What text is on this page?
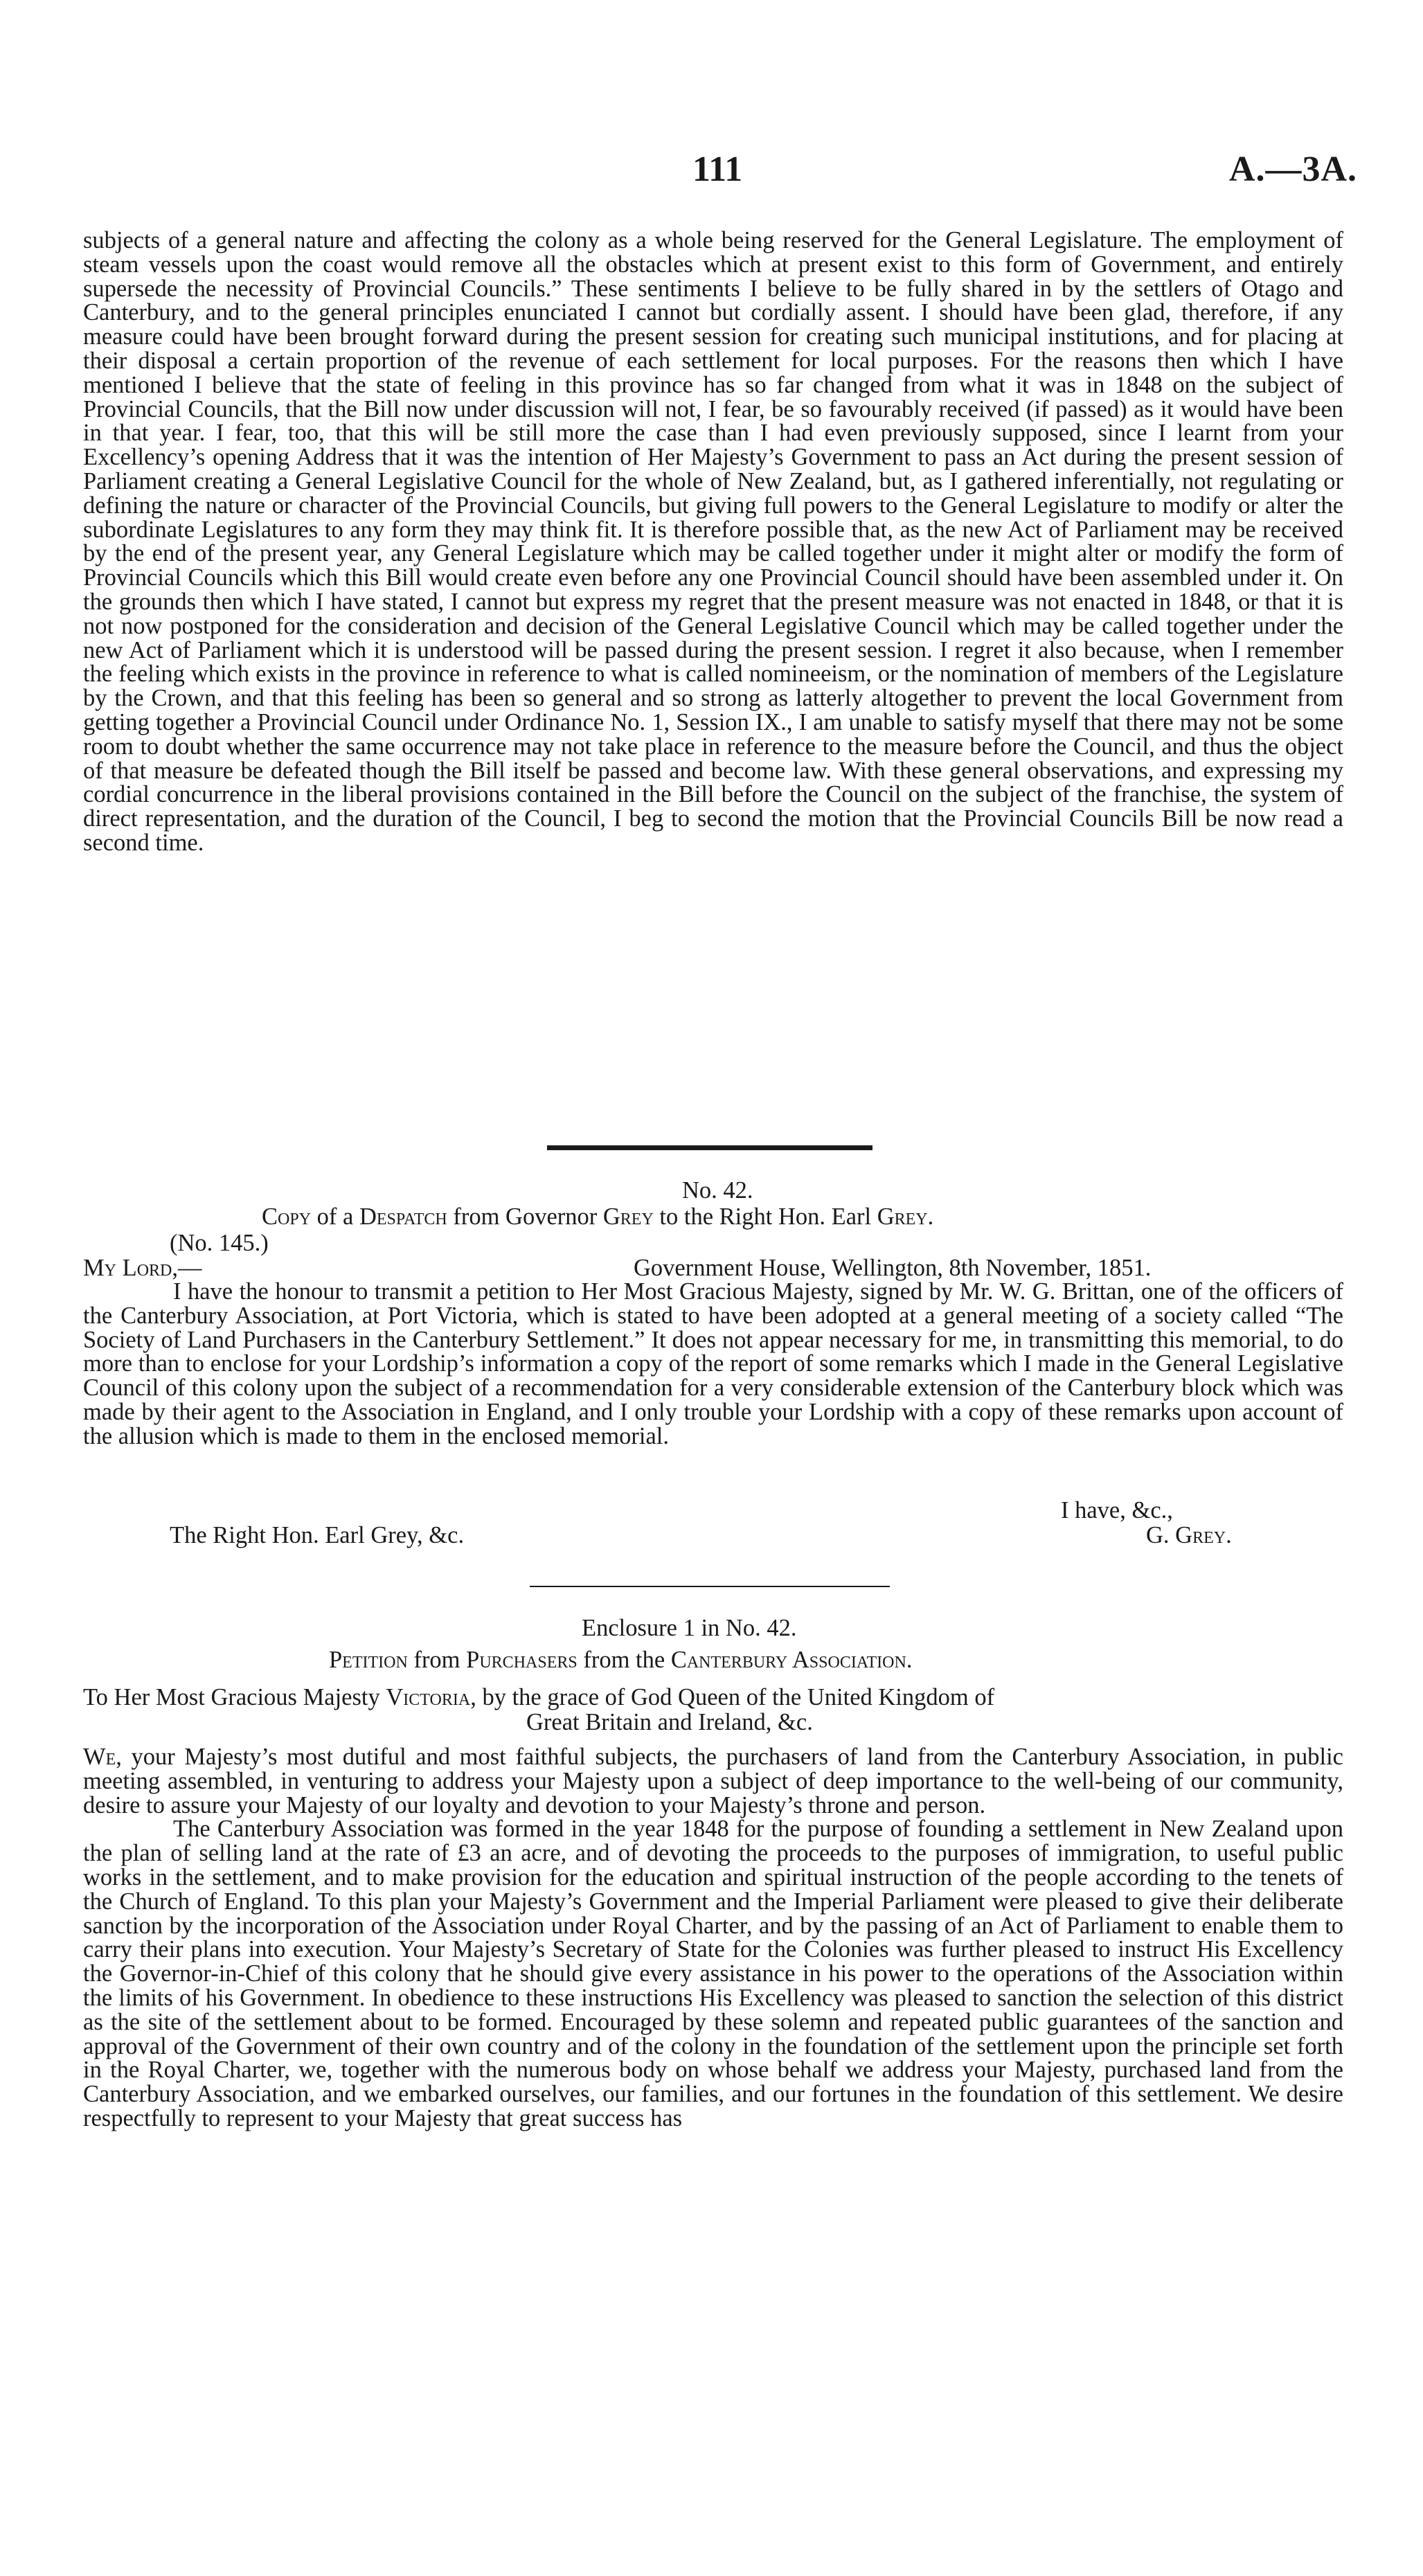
111	A.—3A.

subjects of a general nature and affecting the colony as a whole being reserved for the General Legislature. The employment of steam vessels upon the coast would remove all the obstacles which at present exist to this form of Government, and entirely supersede the necessity of Provincial Councils.” These sentiments I believe to be fully shared in by the settlers of Otago and Canterbury, and to the general principles enunciated I cannot but cordially assent. I should have been glad, therefore, if any measure could have been brought forward during the present session for creating such municipal institutions, and for placing at their disposal a certain proportion of the revenue of each settlement for local purposes. For the reasons then which I have mentioned I believe that the state of feeling in this province has so far changed from what it was in 1848 on the subject of Provincial Councils, that the Bill now under discussion will not, I fear, be so favourably received (if passed) as it would have been in that year. I fear, too, that this will be still more the case than I had even previously supposed, since I learnt from your Excellency’s opening Address that it was the intention of Her Majesty’s Government to pass an Act during the present session of Parliament creating a General Legislative Council for the whole of New Zealand, but, as I gathered inferentially, not regulating or defining the nature or character of the Provincial Councils, but giving full powers to the General Legislature to modify or alter the subordinate Legislatures to any form they may think fit. It is therefore possible that, as the new Act of Parliament may be received by the end of the present year, any General Legislature which may be called together under it might alter or modify the form of Provincial Councils which this Bill would create even before any one Provincial Council should have been assembled under it. On the grounds then which I have stated, I cannot but express my regret that the present measure was not enacted in 1848, or that it is not now postponed for the consideration and decision of the General Legislative Council which may be called together under the new Act of Parliament which it is understood will be passed during the present session. I regret it also because, when I remember the feeling which exists in the province in reference to what is called nomineeism, or the nomination of members of the Legislature by the Crown, and that this feeling has been so general and so strong as latterly altogether to prevent the local Government from getting together a Provincial Council under Ordinance No. 1, Session IX., I am unable to satisfy myself that there may not be some room to doubt whether the same occurrence may not take place in reference to the measure before the Council, and thus the object of that measure be defeated though the Bill itself be passed and become law. With these general observations, and expressing my cordial concurrence in the liberal provisions contained in the Bill before the Council on the subject of the franchise, the system of direct representation, and the duration of the Council, I beg to second the motion that the Provincial Councils Bill be now read a second time.

No. 42.
Copy of a Despatch from Governor Grey to the Right Hon. Earl Grey.
(No. 145.)
My Lord,—	Government House, Wellington, 8th November, 1851.

I have the honour to transmit a petition to Her Most Gracious Majesty, signed by Mr. W. G. Brittan, one of the officers of the Canterbury Association, at Port Victoria, which is stated to have been adopted at a general meeting of a society called “The Society of Land Purchasers in the Canterbury Settlement.” It does not appear necessary for me, in transmitting this memorial, to do more than to enclose for your Lordship’s information a copy of the report of some remarks which I made in the General Legislative Council of this colony upon the subject of a recommendation for a very considerable extension of the Canterbury block which was made by their agent to the Association in England, and I only trouble your Lordship with a copy of these remarks upon account of the allusion which is made to them in the enclosed memorial.

I have, &c.,
The Right Hon. Earl Grey, &c.	G. Grey.
Enclosure 1 in No. 42.
Petition from Purchasers from the Canterbury Association.
To Her Most Gracious Majesty Victoria, by the grace of God Queen of the United Kingdom of
Great Britain and Ireland, &c.

We, your Majesty’s most dutiful and most faithful subjects, the purchasers of land from the Canterbury Association, in public meeting assembled, in venturing to address your Majesty upon a subject of deep importance to the well-being of our community, desire to assure your Majesty of our loyalty and devotion to your Majesty’s throne and person.

The Canterbury Association was formed in the year 1848 for the purpose of founding a settlement in New Zealand upon the plan of selling land at the rate of £3 an acre, and of devoting the proceeds to the purposes of immigration, to useful public works in the settlement, and to make provision for the education and spiritual instruction of the people according to the tenets of the Church of England. To this plan your Majesty’s Government and the Imperial Parliament were pleased to give their deliberate sanction by the incorporation of the Association under Royal Charter, and by the passing of an Act of Parliament to enable them to carry their plans into execution. Your Majesty’s Secretary of State for the Colonies was further pleased to instruct His Excellency the Governor-in-Chief of this colony that he should give every assistance in his power to the operations of the Association within the limits of his Government. In obedience to these instructions His Excellency was pleased to sanction the selection of this district as the site of the settlement about to be formed. Encouraged by these solemn and repeated public guarantees of the sanction and approval of the Government of their own country and of the colony in the foundation of the settlement upon the principle set forth in the Royal Charter, we, together with the numerous body on whose behalf we address your Majesty, purchased land from the Canterbury Association, and we embarked ourselves, our families, and our fortunes in the foundation of this settlement. We desire respectfully to represent to your Majesty that great success has
